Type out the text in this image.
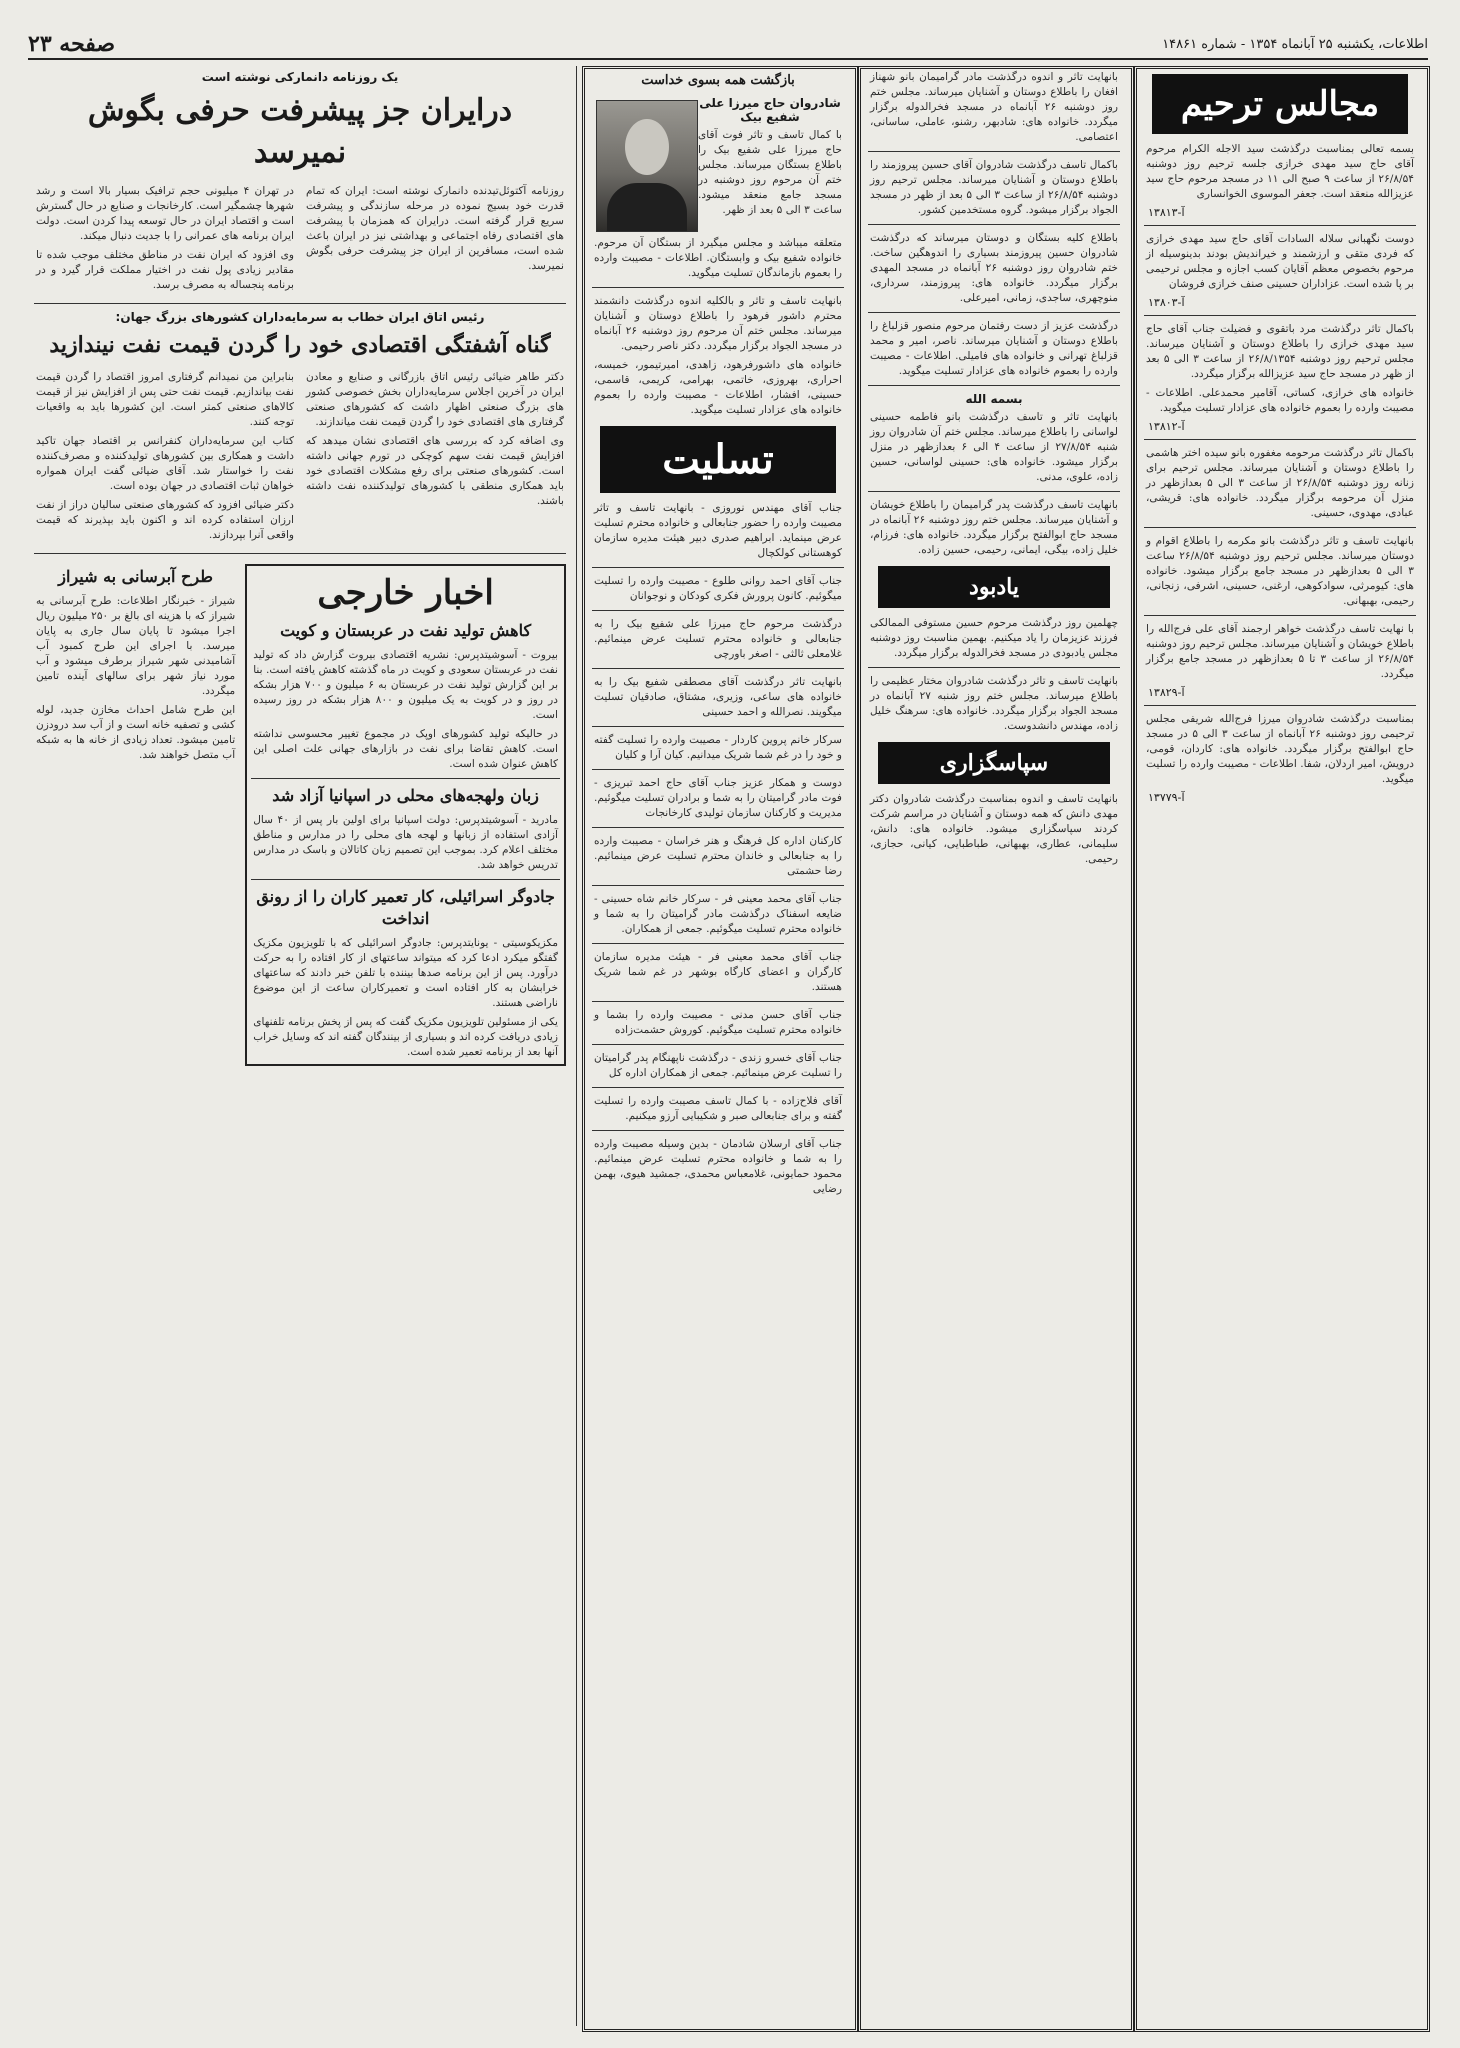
اطلاعات، یکشنبه ۲۵ آبانماه ۱۳۵۴ - شماره ۱۴۸۶۱
صفحه ۲۳
مجالس ترحیم

بسمه تعالی بمناسبت درگذشت سید الاجله الکرام مرحوم آقای حاج سید مهدی خرازی جلسه ترحیم روز دوشنبه ۲۶/۸/۵۴ از ساعت ۹ صبح الی ۱۱ در مسجد مرحوم حاج سید عزیزالله منعقد است. جعفر الموسوی الخوانساری

آ-۱۳۸۱۳

دوست نگهبانی سلاله السادات آقای حاج سید مهدی خرازی که فردی متقی و ارزشمند و خیراندیش بودند بدینوسیله از مرحوم بخصوص معظم آقایان کسب اجازه و مجلس ترحیمی بر پا شده است. عزاداران حسینی صنف خرازی فروشان

آ-۱۳۸۰۳

باکمال تاثر درگذشت مرد باتقوی و فضیلت جناب آقای حاج سید مهدی خرازی را باطلاع دوستان و آشنایان میرساند. مجلس ترحیم روز دوشنبه ۲۶/۸/۱۳۵۴ از ساعت ۳ الی ۵ بعد از ظهر در مسجد حاج سید عزیزالله برگزار میگردد.

خانواده های خرازی، کساتی، آقامیر محمدعلی. اطلاعات - مصیبت وارده را بعموم خانواده های عزادار تسلیت میگوید.

آ-۱۳۸۱۲

باکمال تاثر درگذشت مرحومه مغفوره بانو سیده اختر هاشمی را باطلاع دوستان و آشنایان میرساند. مجلس ترحیم برای زنانه روز دوشنبه ۲۶/۸/۵۴ از ساعت ۳ الی ۵ بعدازظهر در منزل آن مرحومه برگزار میگردد. خانواده های: قریشی، عبادی، مهدوی، حسینی.

بانهایت تاسف و تاثر درگذشت بانو مکرمه را باطلاع اقوام و دوستان میرساند. مجلس ترحیم روز دوشنبه ۲۶/۸/۵۴ ساعت ۳ الی ۵ بعدازظهر در مسجد جامع برگزار میشود. خانواده های: کیومرثی، سوادکوهی، ارغنی، حسینی، اشرفی، زنجانی، رحیمی، بهبهانی.

با نهایت تاسف درگذشت خواهر ارجمند آقای علی فرج‌الله را باطلاع خویشان و آشنایان میرساند. مجلس ترحیم روز دوشنبه ۲۶/۸/۵۴ از ساعت ۳ تا ۵ بعدازظهر در مسجد جامع برگزار میگردد.

آ-۱۳۸۲۹

بمناسبت درگذشت شادروان میرزا فرج‌الله شریفی مجلس ترحیمی روز دوشنبه ۲۶ آبانماه از ساعت ۳ الی ۵ در مسجد حاج ابوالفتح برگزار میگردد. خانواده های: کاردان، قومی، درویش، امیر اردلان، شفا. اطلاعات - مصیبت وارده را تسلیت میگوید.

آ-۱۳۷۷۹

بانهایت تاثر و اندوه درگذشت مادر گرامیمان بانو شهناز افغان را باطلاع دوستان و آشنایان میرساند. مجلس ختم روز دوشنبه ۲۶ آبانماه در مسجد فخرالدوله برگزار میگردد. خانواده های: شادبهر، رشنو، عاملی، ساسانی، اعتصامی.

باکمال تاسف درگذشت شادروان آقای حسین پیروزمند را باطلاع دوستان و آشنایان میرساند. مجلس ترحیم روز دوشنبه ۲۶/۸/۵۴ از ساعت ۳ الی ۵ بعد از ظهر در مسجد الجواد برگزار میشود. گروه مستخدمین کشور.

باطلاع کلیه بستگان و دوستان میرساند که درگذشت شادروان حسین پیروزمند بسیاری را اندوهگین ساخت. ختم شادروان روز دوشنبه ۲۶ آبانماه در مسجد المهدی برگزار میگردد. خانواده های: پیروزمند، سرداری، منوچهری، ساجدی، زمانی، امیرعلی.

درگذشت عزیز از دست رفتمان مرحوم منصور قزلباغ را باطلاع دوستان و آشنایان میرساند. ناصر، امیر و محمد قزلباغ تهرانی و خانواده های فامیلی. اطلاعات - مصیبت وارده را بعموم خانواده های عزادار تسلیت میگوید.

بسمه الله

بانهایت تاثر و تاسف درگذشت بانو فاطمه حسینی لواسانی را باطلاع میرساند. مجلس ختم آن شادروان روز شنبه ۲۷/۸/۵۴ از ساعت ۴ الی ۶ بعدازظهر در منزل برگزار میشود. خانواده های: حسینی لواسانی، حسین زاده، علوی، مدنی.

بانهایت تاسف درگذشت پدر گرامیمان را باطلاع خویشان و آشنایان میرساند. مجلس ختم روز دوشنبه ۲۶ آبانماه در مسجد حاج ابوالفتح برگزار میگردد. خانواده های: فرزام، خلیل زاده، بیگی، ایمانی، رحیمی، حسین زاده.

یادبود

چهلمین روز درگذشت مرحوم حسین مستوفی الممالکی فرزند عزیزمان را یاد میکنیم. بهمین مناسبت روز دوشنبه مجلس یادبودی در مسجد فخرالدوله برگزار میگردد.

بانهایت تاسف و تاثر درگذشت شادروان مختار عظیمی را باطلاع میرساند. مجلس ختم روز شنبه ۲۷ آبانماه در مسجد الجواد برگزار میگردد. خانواده های: سرهنگ خلیل زاده، مهندس دانشدوست.

سپاسگزاری

بانهایت تاسف و اندوه بمناسبت درگذشت شادروان دکتر مهدی دانش که همه دوستان و آشنایان در مراسم شرکت کردند سپاسگزاری میشود. خانواده های: دانش، سلیمانی، عطاری، بهبهانی، طباطبایی، کیانی، حجازی، رحیمی.

بازگشت همه بسوی خداست
شادروان حاج میرزا علی شفیع بیک

با کمال تاسف و تاثر فوت آقای حاج میرزا علی شفیع بیک را باطلاع بستگان میرساند. مجلس ختم آن مرحوم روز دوشنبه در مسجد جامع منعقد میشود. ساعت ۳ الی ۵ بعد از ظهر.

متعلقه میباشد و مجلس میگیرد از بستگان آن مرحوم. خانواده شفیع بیک و وابستگان. اطلاعات - مصیبت وارده را بعموم بازماندگان تسلیت میگوید.

بانهایت تاسف و تاثر و بالکلیه اندوه درگذشت دانشمند محترم داشور فرهود را باطلاع دوستان و آشنایان میرساند. مجلس ختم آن مرحوم روز دوشنبه ۲۶ آبانماه در مسجد الجواد برگزار میگردد. دکتر ناصر رحیمی.

خانواده های داشورفرهود، زاهدی، امیرتیمور، خمیسه، احراری، بهروزی، خاتمی، بهرامی، کریمی، قاسمی، حسینی، افشار، اطلاعات - مصیبت وارده را بعموم خانواده های عزادار تسلیت میگوید.

تسلیت

جناب آقای مهندس نوروزی - بانهایت تاسف و تاثر مصیبت وارده را حضور جنابعالی و خانواده محترم تسلیت عرض مینماید. ابراهیم صدری دبیر هیئت مدیره سازمان کوهستانی کولکچال

جناب آقای احمد روانی طلوع - مصیبت وارده را تسلیت میگوئیم. کانون پرورش فکری کودکان و نوجوانان

درگذشت مرحوم حاج میرزا علی شفیع بیک را به جنابعالی و خانواده محترم تسلیت عرض مینمائیم. غلامعلی ثالثی - اصغر باورچی

بانهایت تاثر درگذشت آقای مصطفی شفیع بیک را به خانواده های ساعی، وزیری، مشتاق، صادقیان تسلیت میگویند. نصرالله و احمد حسینی

سرکار خانم پروین کاردار - مصیبت وارده را تسلیت گفته و خود را در غم شما شریک میدانیم. کیان آرا و کلیان

دوست و همکار عزیز جناب آقای حاج احمد تبریزی - فوت مادر گرامیتان را به شما و برادران تسلیت میگوئیم. مدیریت و کارکنان سازمان تولیدی کارخانجات

کارکنان اداره کل فرهنگ و هنر خراسان - مصیبت وارده را به جنابعالی و خاندان محترم تسلیت عرض مینمائیم. رضا حشمتی

جناب آقای محمد معینی فر - سرکار خانم شاه حسینی - ضایعه اسفناک درگذشت مادر گرامیتان را به شما و خانواده محترم تسلیت میگوئیم. جمعی از همکاران.

جناب آقای محمد معینی فر - هیئت مدیره سازمان کارگران و اعضای کارگاه بوشهر در غم شما شریک هستند.

جناب آقای حسن مدنی - مصیبت وارده را بشما و خانواده محترم تسلیت میگوئیم. کوروش حشمت‌زاده

جناب آقای خسرو زندی - درگذشت ناپهنگام پدر گرامیتان را تسلیت عرض مینمائیم. جمعی از همکاران اداره کل

آقای فلاح‌زاده - با کمال تاسف مصیبت وارده را تسلیت گفته و برای جنابعالی صبر و شکیبایی آرزو میکنیم.

جناب آقای ارسلان شادمان - بدین وسیله مصیبت وارده را به شما و خانواده محترم تسلیت عرض مینمائیم. محمود حمایونی، غلامعباس محمدی، جمشید هیوی، بهمن رضایی

یک روزنامه دانمارکی نوشته است
درایران جز پیشرفت حرفی بگوش نمیرسد

روزنامه آکتوئل‌تیدنده دانمارک نوشته است: ایران که تمام قدرت خود بسیج نموده در مرحله سازندگی و پیشرفت سریع قرار گرفته است. درایران که همزمان با پیشرفت های اقتصادی رفاه اجتماعی و بهداشتی نیز در ایران باعث شده است، مسافرین از ایران جز پیشرفت حرفی بگوش نمیرسد.

در تهران ۴ میلیونی حجم ترافیک بسیار بالا است و رشد شهرها چشمگیر است. کارخانجات و صنایع در حال گسترش است و اقتصاد ایران در حال توسعه پیدا کردن است. دولت ایران برنامه های عمرانی را با جدیت دنبال میکند.

وی افزود که ایران نفت در مناطق مختلف موجب شده تا مقادیر زیادی پول نفت در اختیار مملکت قرار گیرد و در برنامه پنجساله به مصرف برسد.

رئیس اتاق ایران خطاب به سرمایه‌داران کشورهای بزرگ جهان:
گناه آشفتگی اقتصادی خود را گردن قیمت نفت نیندازید

دکتر طاهر ضیائی رئیس اتاق بازرگانی و صنایع و معادن ایران در آخرین اجلاس سرمایه‌داران بخش خصوصی کشور های بزرگ صنعتی اظهار داشت که کشورهای صنعتی گرفتاری های اقتصادی خود را گردن قیمت نفت میاندازند.

وی اضافه کرد که بررسی های اقتصادی نشان میدهد که افزایش قیمت نفت سهم کوچکی در تورم جهانی داشته است. کشورهای صنعتی برای رفع مشکلات اقتصادی خود باید همکاری منطقی با کشورهای تولیدکننده نفت داشته باشند.

بنابراین من نمیدانم گرفتاری امروز اقتصاد را گردن قیمت نفت بیاندازیم. قیمت نفت حتی پس از افزایش نیز از قیمت کالاهای صنعتی کمتر است. این کشورها باید به واقعیات توجه کنند.

کتاب این سرمایه‌داران کنفرانس بر اقتصاد جهان تاکید داشت و همکاری بین کشورهای تولیدکننده و مصرف‌کننده نفت را خواستار شد. آقای ضیائی گفت ایران همواره خواهان ثبات اقتصادی در جهان بوده است.

دکتر ضیائی افزود که کشورهای صنعتی سالیان دراز از نفت ارزان استفاده کرده اند و اکنون باید بپذیرند که قیمت واقعی آنرا بپردازند.

اخبار خارجی
کاهش تولید نفت در عربستان و کویت

بیروت - آسوشیتدپرس: نشریه اقتصادی بیروت گزارش داد که تولید نفت در عربستان سعودی و کویت در ماه گذشته کاهش یافته است. بنا بر این گزارش تولید نفت در عربستان به ۶ میلیون و ۷۰۰ هزار بشکه در روز و در کویت به یک میلیون و ۸۰۰ هزار بشکه در روز رسیده است.

در حالیکه تولید کشورهای اوپک در مجموع تغییر محسوسی نداشته است. کاهش تقاضا برای نفت در بازارهای جهانی علت اصلی این کاهش عنوان شده است.

زبان ولهجه‌های محلی در اسپانیا آزاد شد

مادرید - آسوشیتدپرس: دولت اسپانیا برای اولین بار پس از ۴۰ سال آزادی استفاده از زبانها و لهجه های محلی را در مدارس و مناطق مختلف اعلام کرد. بموجب این تصمیم زبان کاتالان و باسک در مدارس تدریس خواهد شد.

جادوگر اسرائیلی، کار تعمیر کاران را از رونق انداخت

مکزیکوسیتی - یونایتدپرس: جادوگر اسرائیلی که با تلویزیون مکزیک گفتگو میکرد ادعا کرد که میتواند ساعتهای از کار افتاده را به حرکت درآورد. پس از این برنامه صدها بیننده با تلفن خبر دادند که ساعتهای خرابشان به کار افتاده است و تعمیرکاران ساعت از این موضوع ناراضی هستند.

یکی از مسئولین تلویزیون مکزیک گفت که پس از پخش برنامه تلفنهای زیادی دریافت کرده اند و بسیاری از بینندگان گفته اند که وسایل خراب آنها بعد از برنامه تعمیر شده است.

طرح آبرسانی به شیراز

شیراز - خبرنگار اطلاعات: طرح آبرسانی به شیراز که با هزینه ای بالغ بر ۲۵۰ میلیون ریال اجرا میشود تا پایان سال جاری به پایان میرسد. با اجرای این طرح کمبود آب آشامیدنی شهر شیراز برطرف میشود و آب مورد نیاز شهر برای سالهای آینده تامین میگردد.

این طرح شامل احداث مخازن جدید، لوله کشی و تصفیه خانه است و از آب سد درودزن تامین میشود. تعداد زیادی از خانه ها به شبکه آب متصل خواهند شد.
